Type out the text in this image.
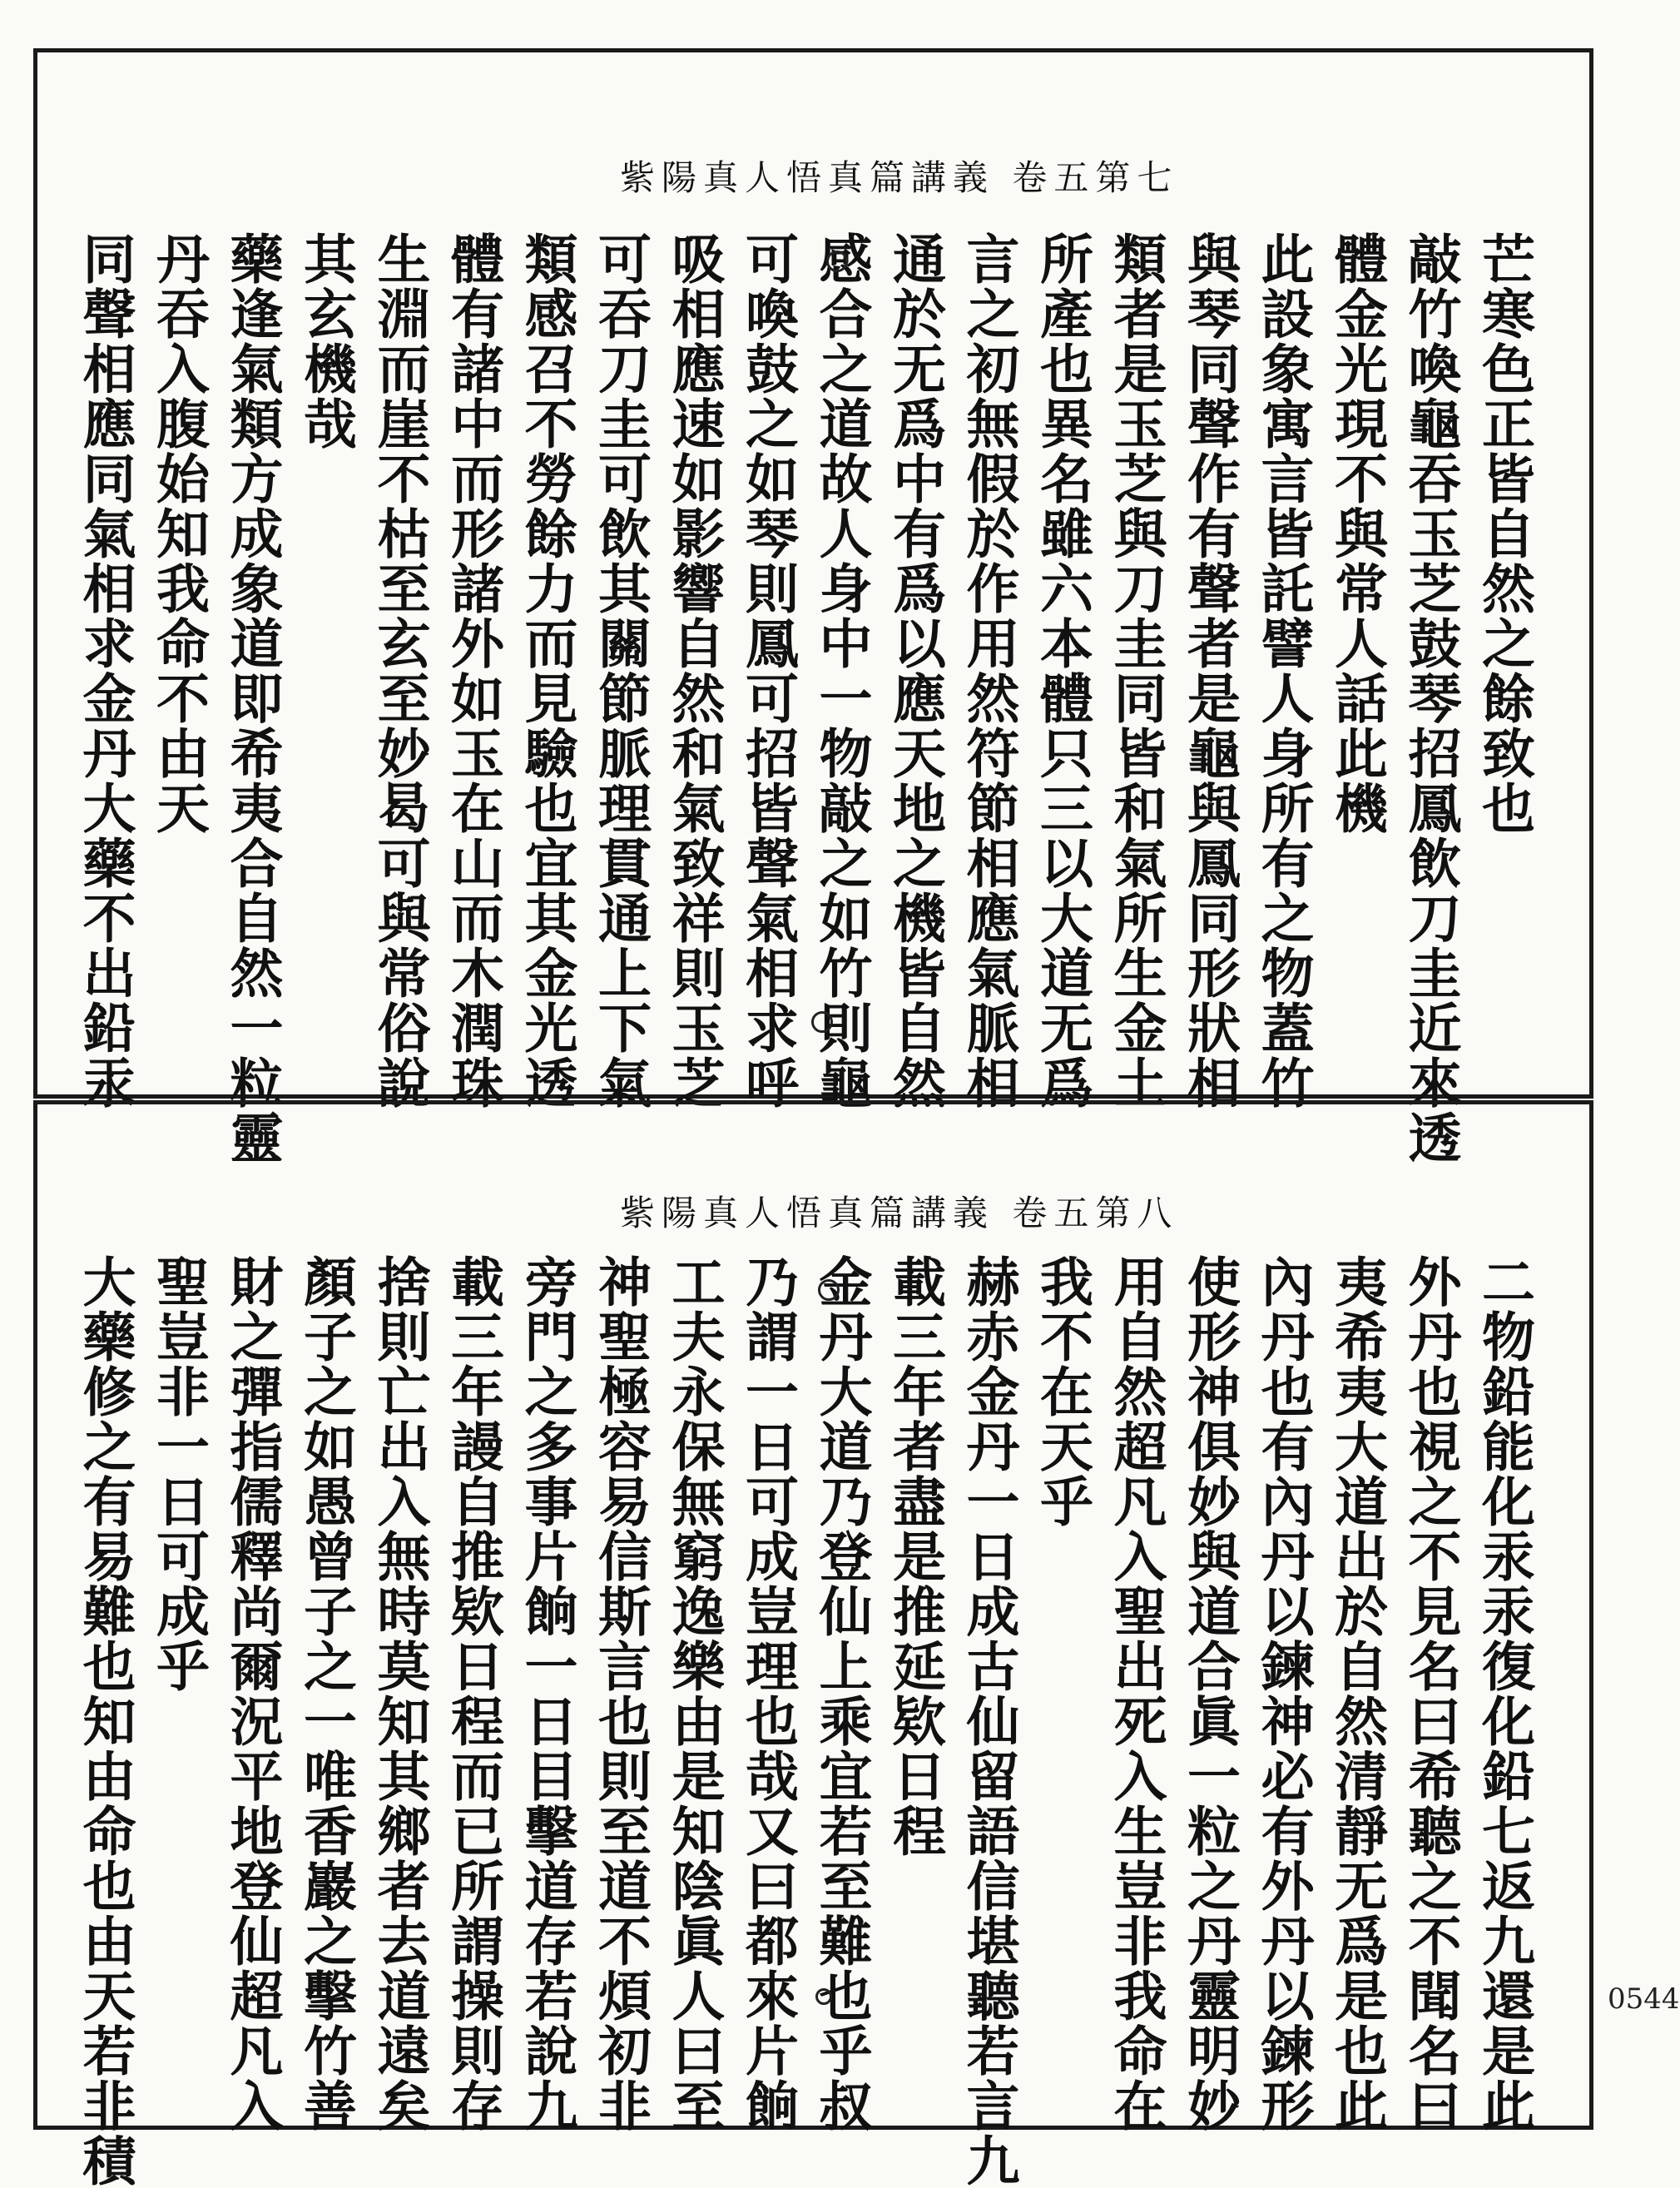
紫陽真人悟真篇講義 卷五第七
芒寒色正皆自然之餘致也
敲竹喚龜吞玉芝鼓琴招鳳飲刀圭近來透
體金光現不與常人話此機
此設象寓言皆託譬人身所有之物蓋竹
與琴同聲作有聲者是龜與鳳同形狀相
類者是玉芝與刀圭同皆和氣所生金土
所產也異名雖六本體只三以大道无爲
言之初無假於作用然符節相應氣脈相
通於无爲中有爲以應天地之機皆自然
感合之道故人身中一物敲之如竹則龜
可喚鼓之如琴則鳳可招皆聲氣相求呼
吸相應速如影響自然和氣致祥則玉芝
可吞刀圭可飲其關節脈理貫通上下氣
類感召不勞餘力而見驗也宜其金光透
體有諸中而形諸外如玉在山而木潤珠
生淵而崖不枯至玄至妙曷可與常俗說
其玄機哉
藥逢氣類方成象道即希夷合自然一粒靈
丹吞入腹始知我命不由天
同聲相應同氣相求金丹大藥不出鉛汞
紫陽真人悟真篇講義 卷五第八
二物鉛能化汞汞復化鉛七返九還是此
外丹也視之不見名曰希聽之不聞名曰
夷希夷大道出於自然清靜无爲是也此
內丹也有內丹以鍊神必有外丹以鍊形
使形神俱妙與道合眞一粒之丹靈明妙
用自然超凡入聖出死入生豈非我命在
我不在天乎
赫赤金丹一日成古仙留語信堪聽若言九
載三年者盡是推延欵日程
金丹大道乃登仙上乘宜若至難也乎叔
乃謂一日可成豈理也哉又曰都來片餉
工夫永保無窮逸樂由是知陰眞人曰至
神聖極容易信斯言也則至道不煩初非
旁門之多事片餉一日目擊道存若說九
載三年謾自推欵日程而已所謂操則存
捨則亡出入無時莫知其鄉者去道遠矣
顏子之如愚曾子之一唯香巖之擊竹善
財之彈指儒釋尚爾況平地登仙超凡入
聖豈非一日可成乎
大藥修之有易難也知由命也由天若非積	0544
